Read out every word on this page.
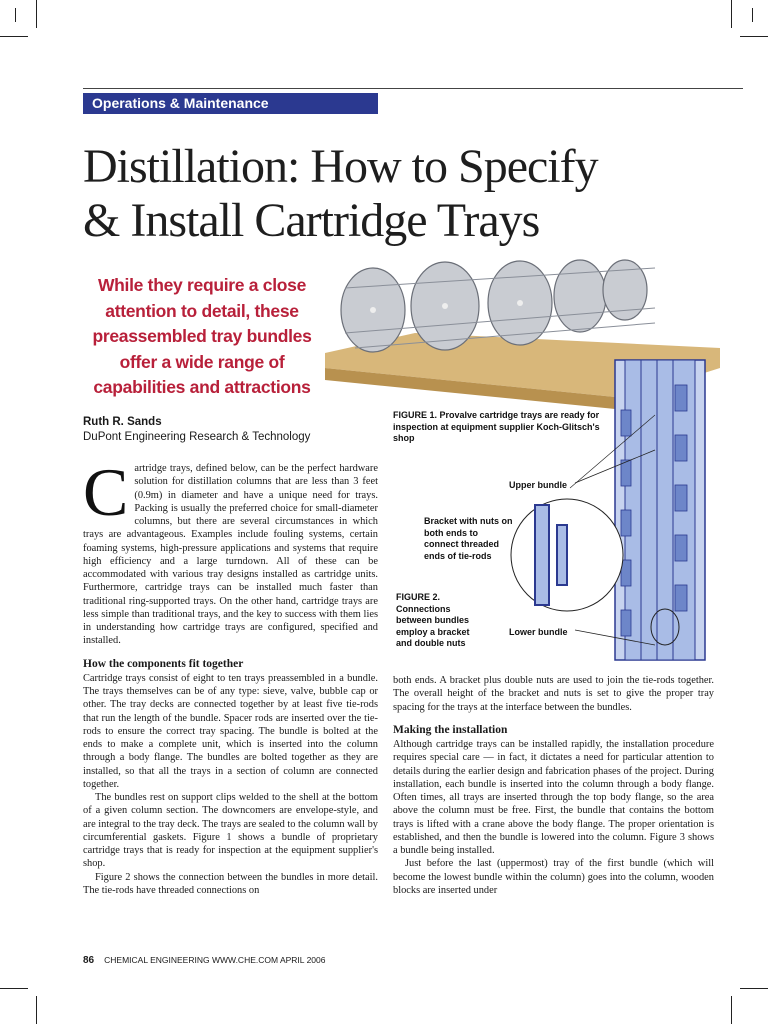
Operations & Maintenance
Distillation: How to Specify
& Install Cartridge Trays
While they require a close attention to detail, these preassembled tray bundles offer a wide range of capabilities and attractions
Ruth R. Sands
DuPont Engineering Research & Technology
FIGURE 1. Provalve cartridge trays are ready for inspection at equipment supplier Koch-Glitsch's shop
Upper bundle
Lower bundle
Bracket with nuts on both ends to connect threaded ends of tie-rods
FIGURE 2. Connections between bundles employ a bracket and double nuts

Cartridge trays, defined below, can be the perfect hardware solution for distillation columns that are less than 3 feet (0.9m) in diameter and have a unique need for trays. Packing is usually the preferred choice for small-diameter columns, but there are several circumstances in which trays are advantageous. Examples include fouling systems, certain foaming systems, high-pressure applications and systems that require high efficiency and a large turndown. All of these can be accommodated with various tray designs installed as cartridge units. Furthermore, cartridge trays can be installed much faster than traditional ring-supported trays. On the other hand, cartridge trays are less simple than traditional trays, and the key to success with them lies in understanding how cartridge trays are configured, specified and installed.

How the components fit together

Cartridge trays consist of eight to ten trays preassembled in a bundle. The trays themselves can be of any type: sieve, valve, bubble cap or other. The tray decks are connected together by at least five tie-rods that run the length of the bundle. Spacer rods are inserted over the tie-rods to ensure the correct tray spacing. The bundle is bolted at the ends to make a complete unit, which is inserted into the column through a body flange. The bundles are bolted together as they are installed, so that all the trays in a section of column are connected together.

The bundles rest on support clips welded to the shell at the bottom of a given column section. The downcomers are envelope-style, and are integral to the tray deck. The trays are sealed to the column wall by circumferential gaskets. Figure 1 shows a bundle of proprietary cartridge trays that is ready for inspection at the equipment supplier's shop.

Figure 2 shows the connection between the bundles in more detail. The tie-rods have threaded connections on

both ends. A bracket plus double nuts are used to join the tie-rods together. The overall height of the bracket and nuts is set to give the proper tray spacing for the trays at the interface between the bundles.

Making the installation

Although cartridge trays can be installed rapidly, the installation procedure requires special care — in fact, it dictates a need for particular attention to details during the earlier design and fabrication phases of the project. During installation, each bundle is inserted into the column through a body flange. Often times, all trays are inserted through the top body flange, so the area above the column must be free. First, the bundle that contains the bottom trays is lifted with a crane above the body flange. The proper orientation is established, and then the bundle is lowered into the column. Figure 3 shows a bundle being installed.

Just before the last (uppermost) tray of the first bundle (which will become the lowest bundle within the column) goes into the column, wooden blocks are inserted under

86 CHEMICAL ENGINEERING WWW.CHE.COM APRIL 2006
